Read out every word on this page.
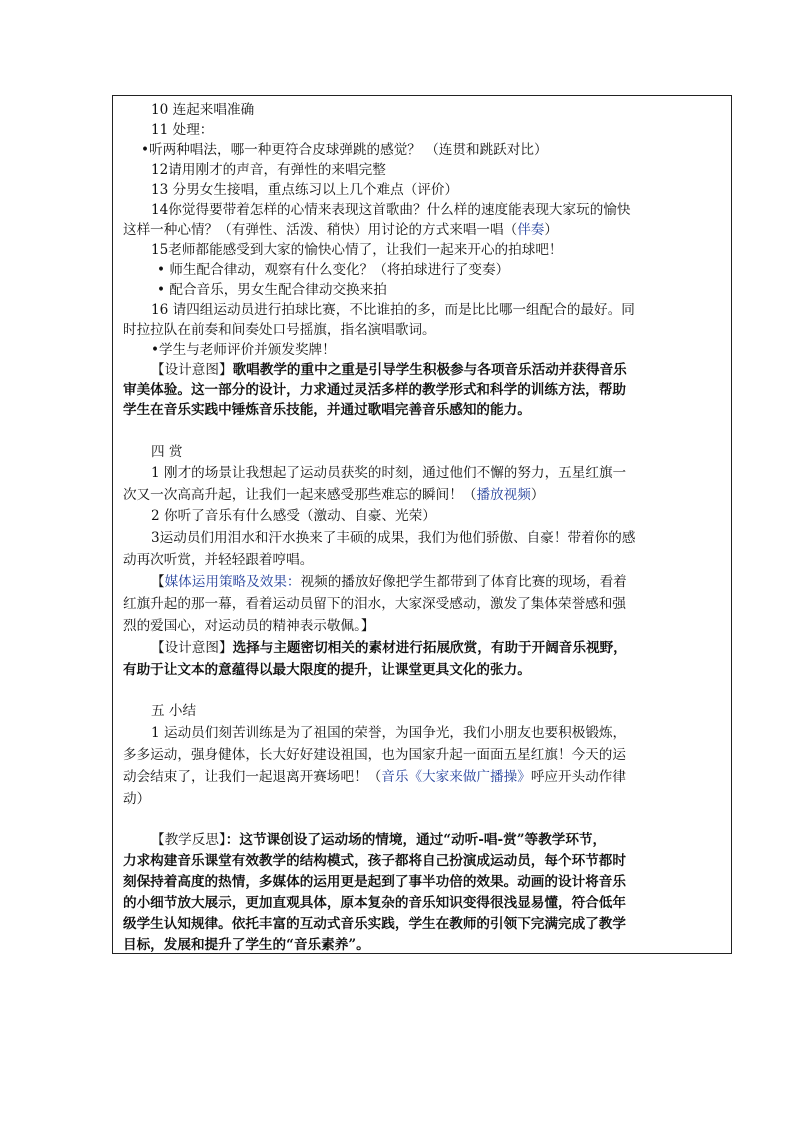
10 连起来唱准确
11 处理：
•听两种唱法，哪一种更符合皮球弹跳的感觉？ （连贯和跳跃对比）
12请用刚才的声音，有弹性的来唱完整
13 分男女生接唱，重点练习以上几个难点（评价）
14你觉得要带着怎样的心情来表现这首歌曲？什么样的速度能表现大家玩的愉快
这样一种心情？（有弹性、活泼、稍快）用讨论的方式来唱一唱（伴奏）
15老师都能感受到大家的愉快心情了，让我们一起来开心的拍球吧！
• 师生配合律动，观察有什么变化？（将拍球进行了变奏）
• 配合音乐，男女生配合律动交换来拍
16 请四组运动员进行拍球比赛，不比谁拍的多，而是比比哪一组配合的最好。同
时拉拉队在前奏和间奏处口号摇旗，指名演唱歌词。
•学生与老师评价并颁发奖牌！
【设计意图】歌唱教学的重中之重是引导学生积极参与各项音乐活动并获得音乐
审美体验。这一部分的设计，力求通过灵活多样的教学形式和科学的训练方法，帮助
学生在音乐实践中锤炼音乐技能，并通过歌唱完善音乐感知的能力。
四 赏
1 刚才的场景让我想起了运动员获奖的时刻，通过他们不懈的努力，五星红旗一
次又一次高高升起，让我们一起来感受那些难忘的瞬间！（播放视频）
2 你听了音乐有什么感受（激动、自豪、光荣）
3运动员们用泪水和汗水换来了丰硕的成果，我们为他们骄傲、自豪！带着你的感
动再次听赏，并轻轻跟着哼唱。
【媒体运用策略及效果：视频的播放好像把学生都带到了体育比赛的现场，看着
红旗升起的那一幕，看着运动员留下的泪水，大家深受感动，激发了集体荣誉感和强
烈的爱国心，对运动员的精神表示敬佩。】
【设计意图】选择与主题密切相关的素材进行拓展欣赏，有助于开阔音乐视野，
有助于让文本的意蕴得以最大限度的提升，让课堂更具文化的张力。
五 小结
1 运动员们刻苦训练是为了祖国的荣誉，为国争光，我们小朋友也要积极锻炼，
多多运动，强身健体，长大好好建设祖国，也为国家升起一面面五星红旗！今天的运
动会结束了，让我们一起退离开赛场吧！（音乐《大家来做广播操》呼应开头动作律
动）
【教学反思】：这节课创设了运动场的情境，通过“动听-唱-赏”等教学环节，
力求构建音乐课堂有效教学的结构模式，孩子都将自己扮演成运动员，每个环节都时
刻保持着高度的热情，多媒体的运用更是起到了事半功倍的效果。动画的设计将音乐
的小细节放大展示，更加直观具体，原本复杂的音乐知识变得很浅显易懂，符合低年
级学生认知规律。依托丰富的互动式音乐实践，学生在教师的引领下完满完成了教学
目标，发展和提升了学生的“音乐素养”。
